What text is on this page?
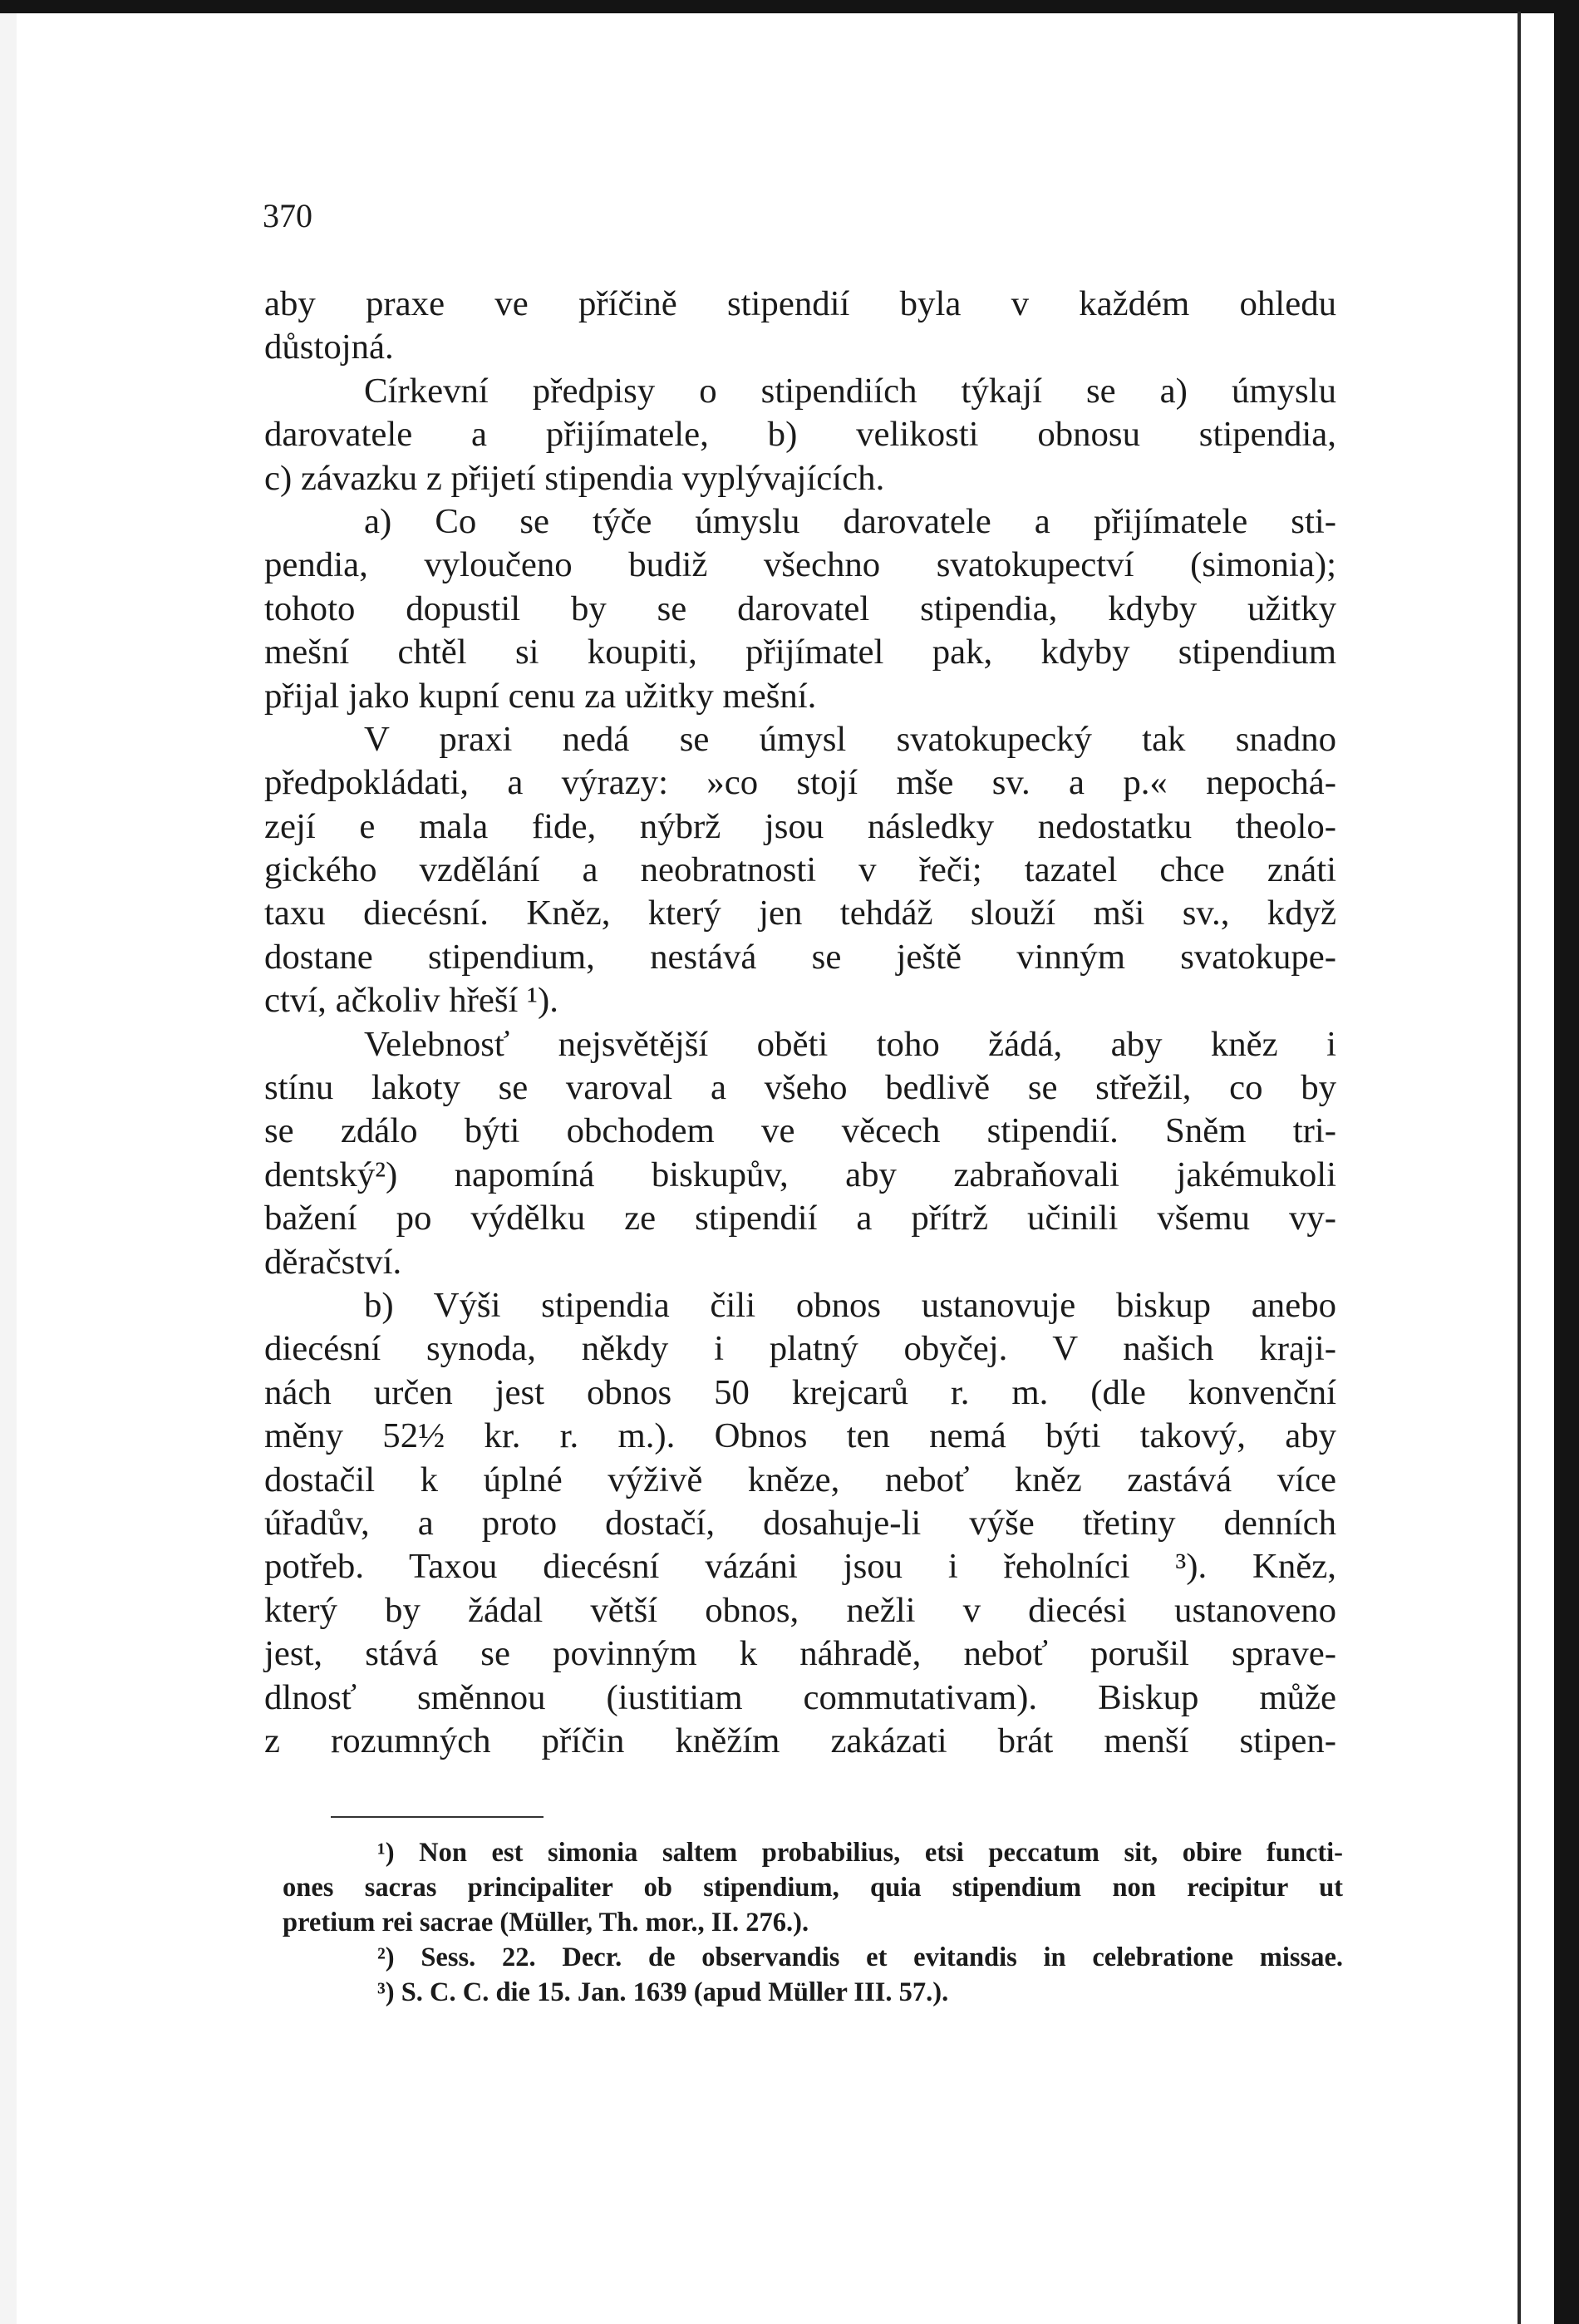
370
aby praxe ve příčině stipendií byla v každém ohledu
důstojná.
Církevní předpisy o stipendiích týkají se a) úmyslu
darovatele a přijímatele, b) velikosti obnosu stipendia,
c) závazku z přijetí stipendia vyplývajících.
a) Co se týče úmyslu darovatele a přijímatele sti-
pendia, vyloučeno budiž všechno svatokupectví (simonia);
tohoto dopustil by se darovatel stipendia, kdyby užitky
mešní chtěl si koupiti, přijímatel pak, kdyby stipendium
přijal jako kupní cenu za užitky mešní.
V praxi nedá se úmysl svatokupecký tak snadno
předpokládati, a výrazy: »co stojí mše sv. a p.« nepochá-
zejí e mala fide, nýbrž jsou následky nedostatku theolo-
gického vzdělání a neobratnosti v řeči; tazatel chce znáti
taxu diecésní. Kněz, který jen tehdáž slouží mši sv., když
dostane stipendium, nestává se ještě vinným svatokupe-
ctví, ačkoliv hřeší ¹).
Velebnosť nejsvětější oběti toho žádá, aby kněz i
stínu lakoty se varoval a všeho bedlivě se střežil, co by
se zdálo býti obchodem ve věcech stipendií. Sněm tri-
dentský²) napomíná biskupův, aby zabraňovali jakémukoli
bažení po výdělku ze stipendií a přítrž učinili všemu vy-
děračství.
b) Výši stipendia čili obnos ustanovuje biskup anebo
diecésní synoda, někdy i platný obyčej. V našich kraji-
nách určen jest obnos 50 krejcarů r. m. (dle konvenční
měny 52½ kr. r. m.). Obnos ten nemá býti takový, aby
dostačil k úplné výživě kněze, neboť kněz zastává více
úřadův, a proto dostačí, dosahuje-li výše třetiny denních
potřeb. Taxou diecésní vázáni jsou i řeholníci ³). Kněz,
který by žádal větší obnos, nežli v diecési ustanoveno
jest, stává se povinným k náhradě, neboť porušil sprave-
dlnosť směnnou (iustitiam commutativam). Biskup může
z rozumných příčin kněžím zakázati brát menší stipen-
¹) Non est simonia saltem probabilius, etsi peccatum sit, obire functi-
ones sacras principaliter ob stipendium, quia stipendium non recipitur ut
pretium rei sacrae (Müller, Th. mor., II. 276.).
²) Sess. 22. Decr. de observandis et evitandis in celebratione missae.
³) S. C. C. die 15. Jan. 1639 (apud Müller III. 57.).
